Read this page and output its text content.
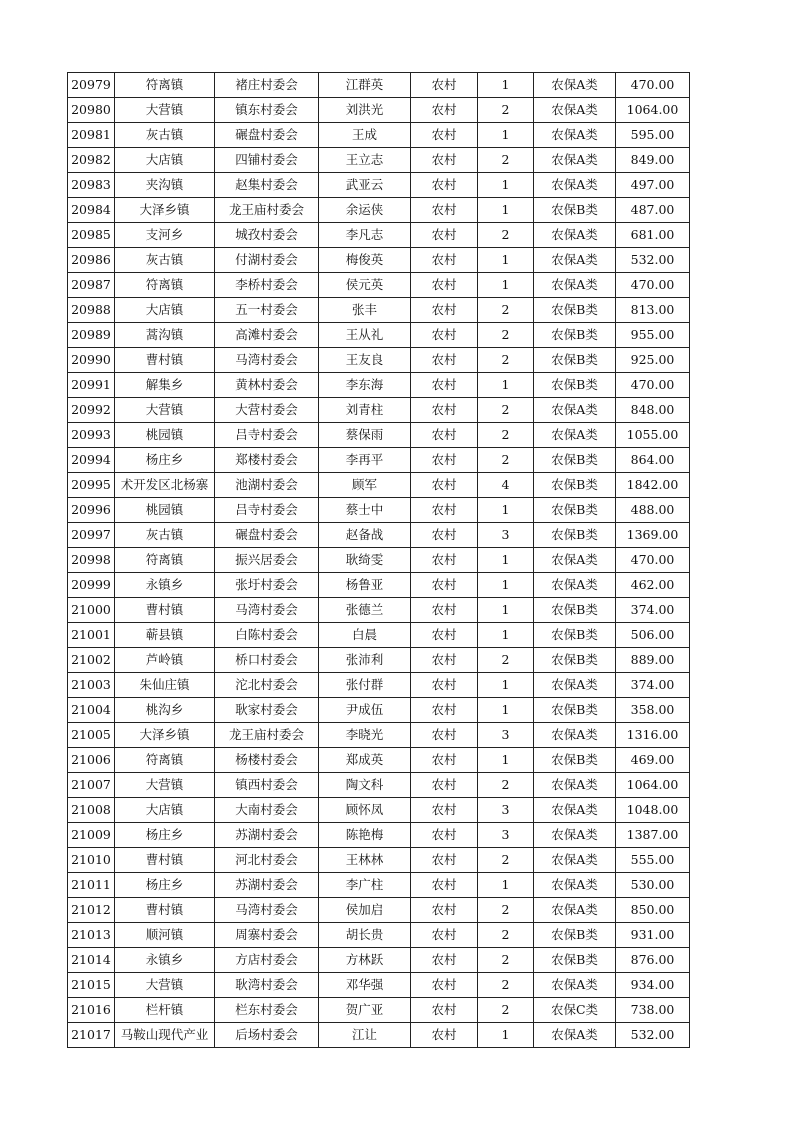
20979	符离镇	褚庄村委会	江群英	农村	1	农保A类	470.00
20980	大营镇	镇东村委会	刘洪光	农村	2	农保A类	1064.00
20981	灰古镇	碾盘村委会	王成	农村	1	农保A类	595.00
20982	大店镇	四铺村委会	王立志	农村	2	农保A类	849.00
20983	夹沟镇	赵集村委会	武亚云	农村	1	农保A类	497.00
20984	大泽乡镇	龙王庙村委会	余运侠	农村	1	农保B类	487.00
20985	支河乡	城孜村委会	李凡志	农村	2	农保A类	681.00
20986	灰古镇	付湖村委会	梅俊英	农村	1	农保A类	532.00
20987	符离镇	李桥村委会	侯元英	农村	1	农保A类	470.00
20988	大店镇	五一村委会	张丰	农村	2	农保B类	813.00
20989	蒿沟镇	高滩村委会	王从礼	农村	2	农保B类	955.00
20990	曹村镇	马湾村委会	王友良	农村	2	农保B类	925.00
20991	解集乡	黄林村委会	李东海	农村	1	农保B类	470.00
20992	大营镇	大营村委会	刘青柱	农村	2	农保A类	848.00
20993	桃园镇	吕寺村委会	蔡保雨	农村	2	农保A类	1055.00
20994	杨庄乡	郑楼村委会	李再平	农村	2	农保B类	864.00
20995	术开发区北杨寨	池湖村委会	顾军	农村	4	农保B类	1842.00
20996	桃园镇	吕寺村委会	蔡士中	农村	1	农保B类	488.00
20997	灰古镇	碾盘村委会	赵备战	农村	3	农保B类	1369.00
20998	符离镇	振兴居委会	耿绮雯	农村	1	农保A类	470.00
20999	永镇乡	张圩村委会	杨鲁亚	农村	1	农保A类	462.00
21000	曹村镇	马湾村委会	张德兰	农村	1	农保B类	374.00
21001	蕲县镇	白陈村委会	白晨	农村	1	农保B类	506.00
21002	芦岭镇	桥口村委会	张沛利	农村	2	农保B类	889.00
21003	朱仙庄镇	沱北村委会	张付群	农村	1	农保A类	374.00
21004	桃沟乡	耿家村委会	尹成伍	农村	1	农保B类	358.00
21005	大泽乡镇	龙王庙村委会	李晓光	农村	3	农保A类	1316.00
21006	符离镇	杨楼村委会	郑成英	农村	1	农保B类	469.00
21007	大营镇	镇西村委会	陶文科	农村	2	农保A类	1064.00
21008	大店镇	大南村委会	顾怀凤	农村	3	农保A类	1048.00
21009	杨庄乡	苏湖村委会	陈艳梅	农村	3	农保A类	1387.00
21010	曹村镇	河北村委会	王林林	农村	2	农保A类	555.00
21011	杨庄乡	苏湖村委会	李广柱	农村	1	农保A类	530.00
21012	曹村镇	马湾村委会	侯加启	农村	2	农保A类	850.00
21013	顺河镇	周寨村委会	胡长贵	农村	2	农保B类	931.00
21014	永镇乡	方店村委会	方林跃	农村	2	农保B类	876.00
21015	大营镇	耿湾村委会	邓华强	农村	2	农保A类	934.00
21016	栏杆镇	栏东村委会	贺广亚	农村	2	农保C类	738.00
21017	马鞍山现代产业	后场村委会	江让	农村	1	农保A类	532.00
